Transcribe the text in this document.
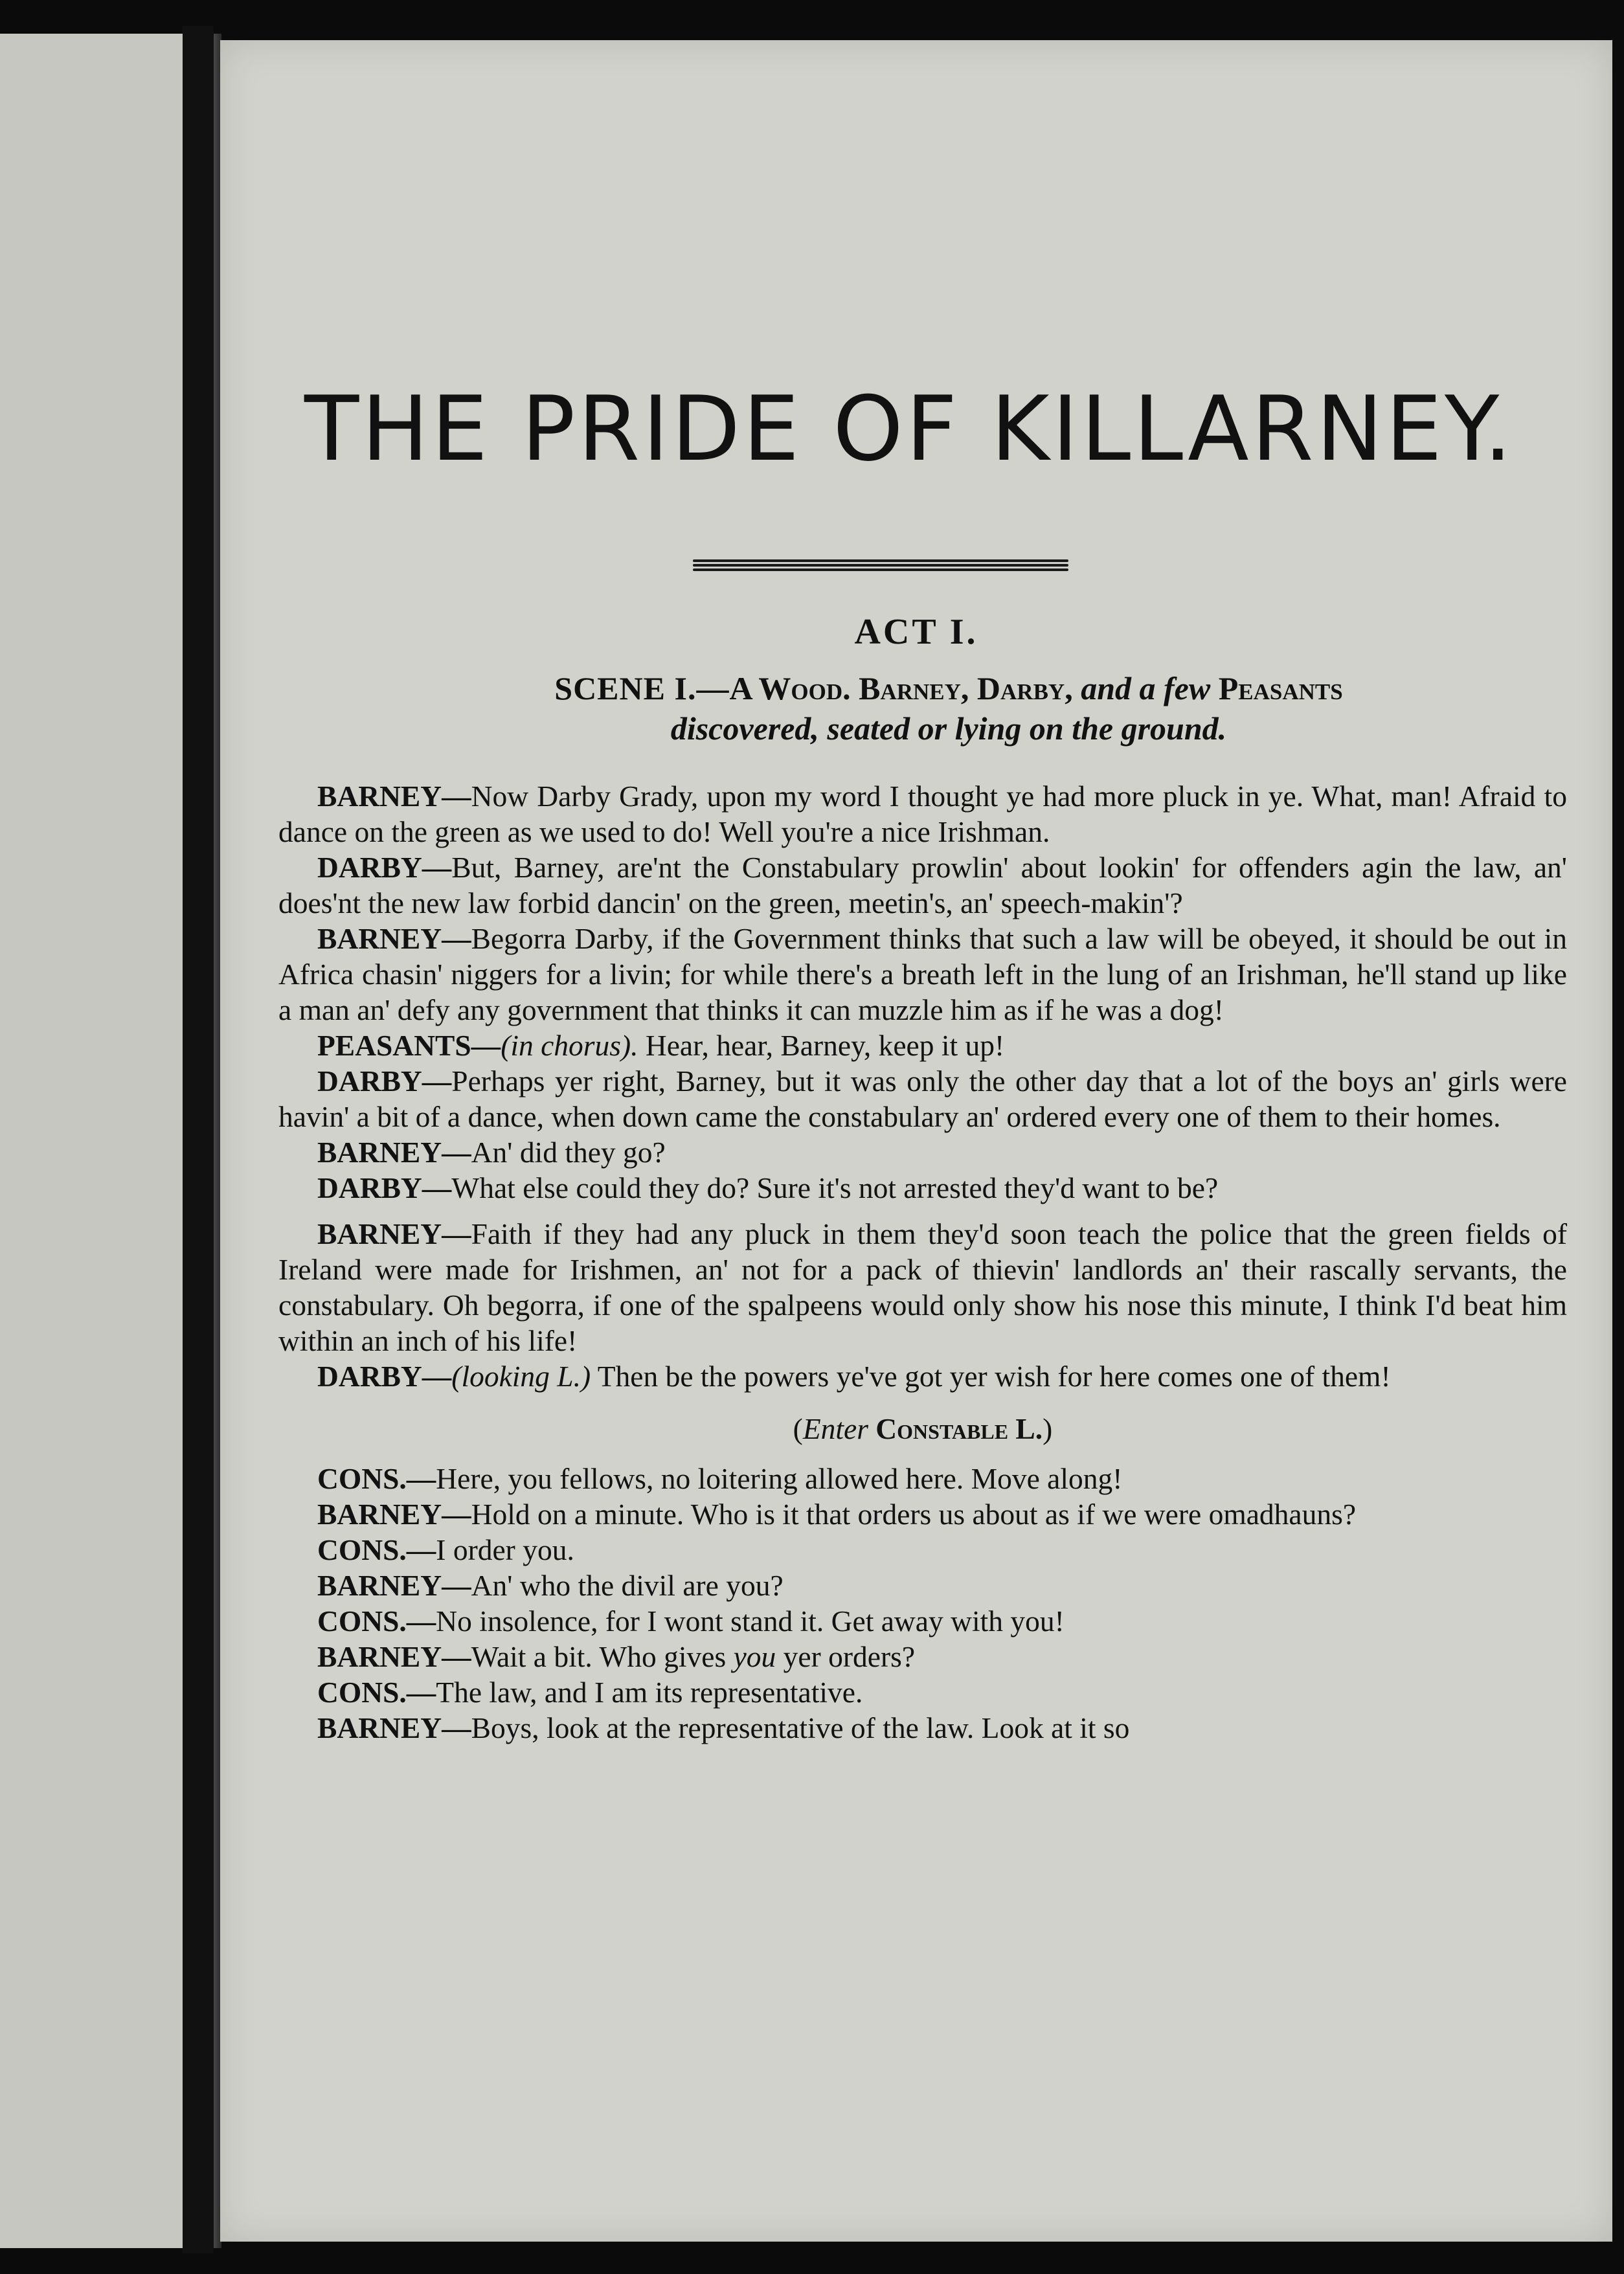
THE PRIDE OF KILLARNEY.
ACT I.
SCENE I.—A Wood. Barney, Darby, and a few Peasants
discovered, seated or lying on the ground.

BARNEY—Now Darby Grady, upon my word I thought ye had more pluck in ye. What, man! Afraid to dance on the green as we used to do! Well you're a nice Irishman.

DARBY—But, Barney, are'nt the Constabulary prowlin' about lookin' for offenders agin the law, an' does'nt the new law forbid dancin' on the green, meetin's, an' speech-makin'?

BARNEY—Begorra Darby, if the Government thinks that such a law will be obeyed, it should be out in Africa chasin' niggers for a livin; for while there's a breath left in the lung of an Irishman, he'll stand up like a man an' defy any government that thinks it can muzzle him as if he was a dog!

PEASANTS—(in chorus). Hear, hear, Barney, keep it up!

DARBY—Perhaps yer right, Barney, but it was only the other day that a lot of the boys an' girls were havin' a bit of a dance, when down came the constabulary an' ordered every one of them to their homes.

BARNEY—An' did they go?

DARBY—What else could they do? Sure it's not arrested they'd want to be?

BARNEY—Faith if they had any pluck in them they'd soon teach the police that the green fields of Ireland were made for Irishmen, an' not for a pack of thievin' landlords an' their rascally servants, the constabulary. Oh begorra, if one of the spalpeens would only show his nose this minute, I think I'd beat him within an inch of his life!

DARBY—(looking L.) Then be the powers ye've got yer wish for here comes one of them!

(Enter Constable L.)

CONS.—Here, you fellows, no loitering allowed here. Move along!

BARNEY—Hold on a minute. Who is it that orders us about as if we were omadhauns?

CONS.—I order you.

BARNEY—An' who the divil are you?

CONS.—No insolence, for I wont stand it. Get away with you!

BARNEY—Wait a bit. Who gives you yer orders?

CONS.—The law, and I am its representative.

BARNEY—Boys, look at the representative of the law. Look at it so
